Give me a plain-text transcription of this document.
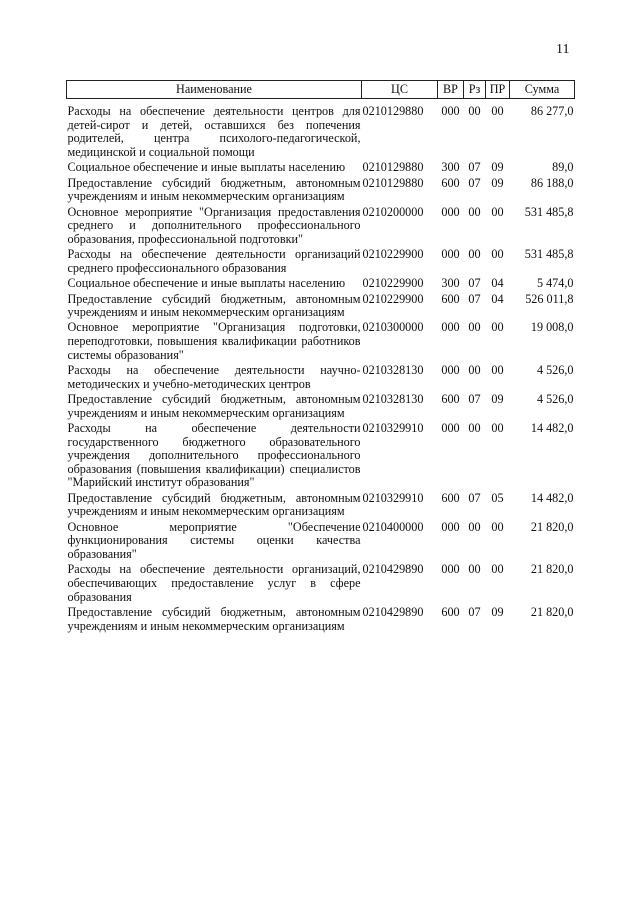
11
Наименование	ЦС	ВР	Рз	ПР	Сумма
Расходы на обеспечение деятельности центров для детей-сирот и детей, оставшихся без попечения родителей, центра психолого-педагогической, медицинской и социальной помощи	0210129880	000	00	00	86 277,0
Социальное обеспечение и иные выплаты населению	0210129880	300	07	09	89,0
Предоставление субсидий бюджетным, автономным учреждениям и иным некоммерческим организациям	0210129880	600	07	09	86 188,0
Основное мероприятие "Организация предоставления среднего и дополнительного профессионального образования, профессиональной подготовки"	0210200000	000	00	00	531 485,8
Расходы на обеспечение деятельности организаций среднего профессионального образования	0210229900	000	00	00	531 485,8
Социальное обеспечение и иные выплаты населению	0210229900	300	07	04	5 474,0
Предоставление субсидий бюджетным, автономным учреждениям и иным некоммерческим организациям	0210229900	600	07	04	526 011,8
Основное мероприятие "Организация подготовки, переподготовки, повышения квалификации работников системы образования"	0210300000	000	00	00	19 008,0
Расходы на обеспечение деятельности научно-методических и учебно-методических центров	0210328130	000	00	00	4 526,0
Предоставление субсидий бюджетным, автономным учреждениям и иным некоммерческим организациям	0210328130	600	07	09	4 526,0
Расходы на обеспечение деятельности государственного бюджетного образовательного учреждения дополнительного профессионального образования (повышения квалификации) специалистов "Марийский институт образования"	0210329910	000	00	00	14 482,0
Предоставление субсидий бюджетным, автономным учреждениям и иным некоммерческим организациям	0210329910	600	07	05	14 482,0
Основное мероприятие "Обеспечение функционирования системы оценки качества образования"	0210400000	000	00	00	21 820,0
Расходы на обеспечение деятельности организаций, обеспечивающих предоставление услуг в сфере образования	0210429890	000	00	00	21 820,0
Предоставление субсидий бюджетным, автономным учреждениям и иным некоммерческим организациям	0210429890	600	07	09	21 820,0
